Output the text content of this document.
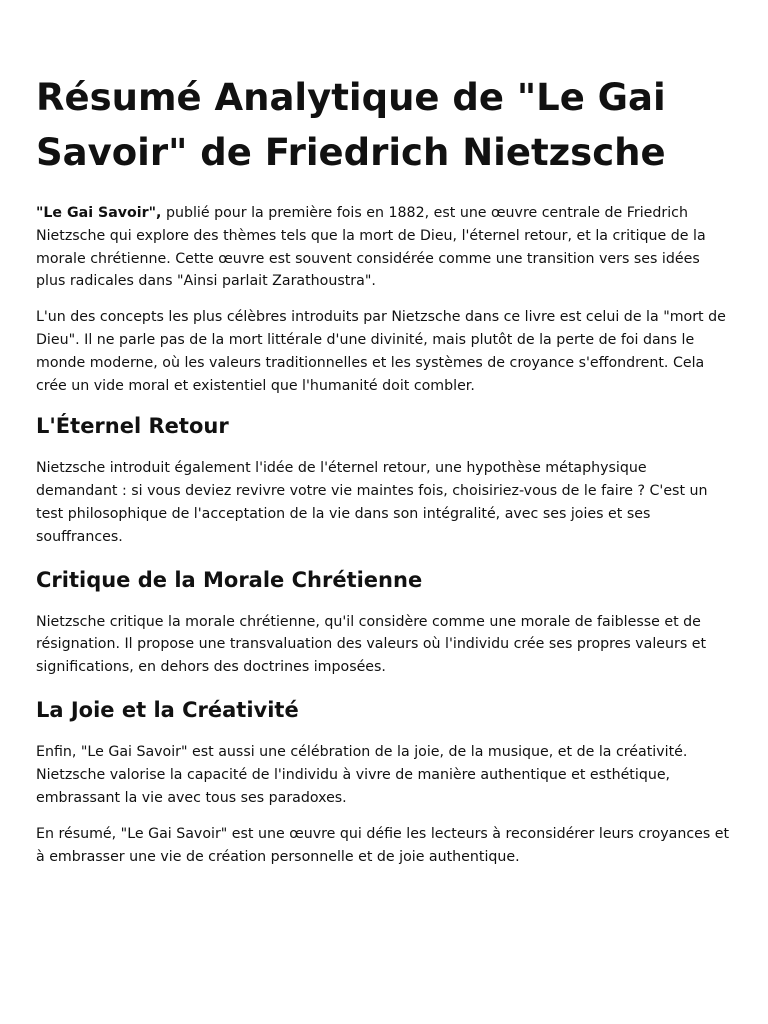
Résumé Analytique de "Le Gai Savoir" de Friedrich Nietzsche

"Le Gai Savoir", publié pour la première fois en 1882, est une œuvre centrale de Friedrich Nietzsche qui explore des thèmes tels que la mort de Dieu, l'éternel retour, et la critique de la morale chrétienne. Cette œuvre est souvent considérée comme une transition vers ses idées plus radicales dans "Ainsi parlait Zarathoustra".

L'un des concepts les plus célèbres introduits par Nietzsche dans ce livre est celui de la "mort de Dieu". Il ne parle pas de la mort littérale d'une divinité, mais plutôt de la perte de foi dans le monde moderne, où les valeurs traditionnelles et les systèmes de croyance s'effondrent. Cela crée un vide moral et existentiel que l'humanité doit combler.

L'Éternel Retour

Nietzsche introduit également l'idée de l'éternel retour, une hypothèse métaphysique demandant : si vous deviez revivre votre vie maintes fois, choisiriez-vous de le faire ? C'est un test philosophique de l'acceptation de la vie dans son intégralité, avec ses joies et ses souffrances.

Critique de la Morale Chrétienne

Nietzsche critique la morale chrétienne, qu'il considère comme une morale de faiblesse et de résignation. Il propose une transvaluation des valeurs où l'individu crée ses propres valeurs et significations, en dehors des doctrines imposées.

La Joie et la Créativité

Enfin, "Le Gai Savoir" est aussi une célébration de la joie, de la musique, et de la créativité. Nietzsche valorise la capacité de l'individu à vivre de manière authentique et esthétique, embrassant la vie avec tous ses paradoxes.

En résumé, "Le Gai Savoir" est une œuvre qui défie les lecteurs à reconsidérer leurs croyances et à embrasser une vie de création personnelle et de joie authentique.
